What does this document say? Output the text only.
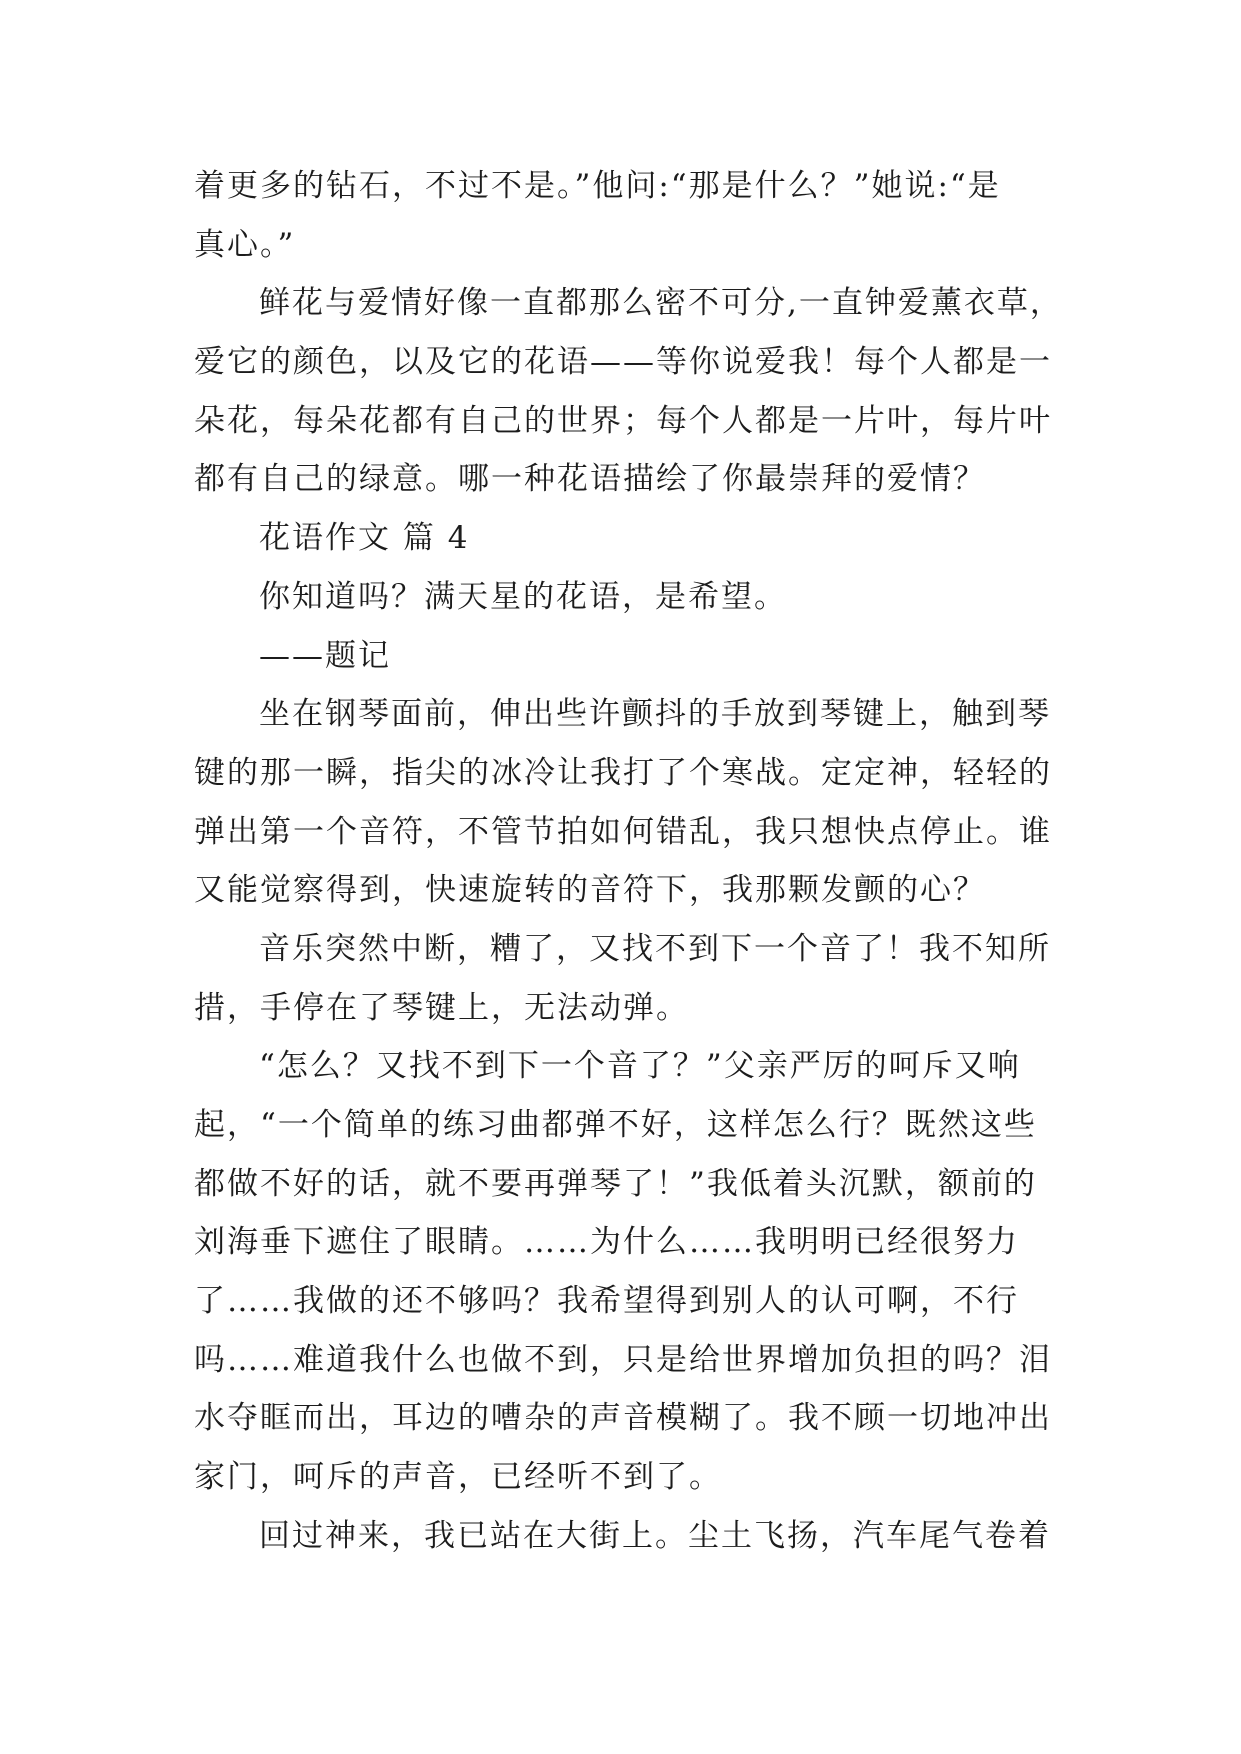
着更多的钻石，不过不是。”他问:“那是什么？”她说:“是
真心。”
鲜花与爱情好像一直都那么密不可分,一直钟爱薰衣草，
爱它的颜色，以及它的花语——等你说爱我！每个人都是一
朵花，每朵花都有自己的世界；每个人都是一片叶，每片叶
都有自己的绿意。哪一种花语描绘了你最崇拜的爱情？
花语作文 篇 4
你知道吗？满天星的花语，是希望。
——题记
坐在钢琴面前，伸出些许颤抖的手放到琴键上，触到琴
键的那一瞬，指尖的冰冷让我打了个寒战。定定神，轻轻的
弹出第一个音符，不管节拍如何错乱，我只想快点停止。谁
又能觉察得到，快速旋转的音符下，我那颗发颤的心？
音乐突然中断，糟了，又找不到下一个音了！我不知所
措，手停在了琴键上，无法动弹。
“怎么？又找不到下一个音了？”父亲严厉的呵斥又响
起，“一个简单的练习曲都弹不好，这样怎么行？既然这些
都做不好的话，就不要再弹琴了！”我低着头沉默，额前的
刘海垂下遮住了眼睛。……为什么……我明明已经很努力
了……我做的还不够吗？我希望得到别人的认可啊，不行
吗……难道我什么也做不到，只是给世界增加负担的吗？泪
水夺眶而出，耳边的嘈杂的声音模糊了。我不顾一切地冲出
家门，呵斥的声音，已经听不到了。
回过神来，我已站在大街上。尘土飞扬，汽车尾气卷着
